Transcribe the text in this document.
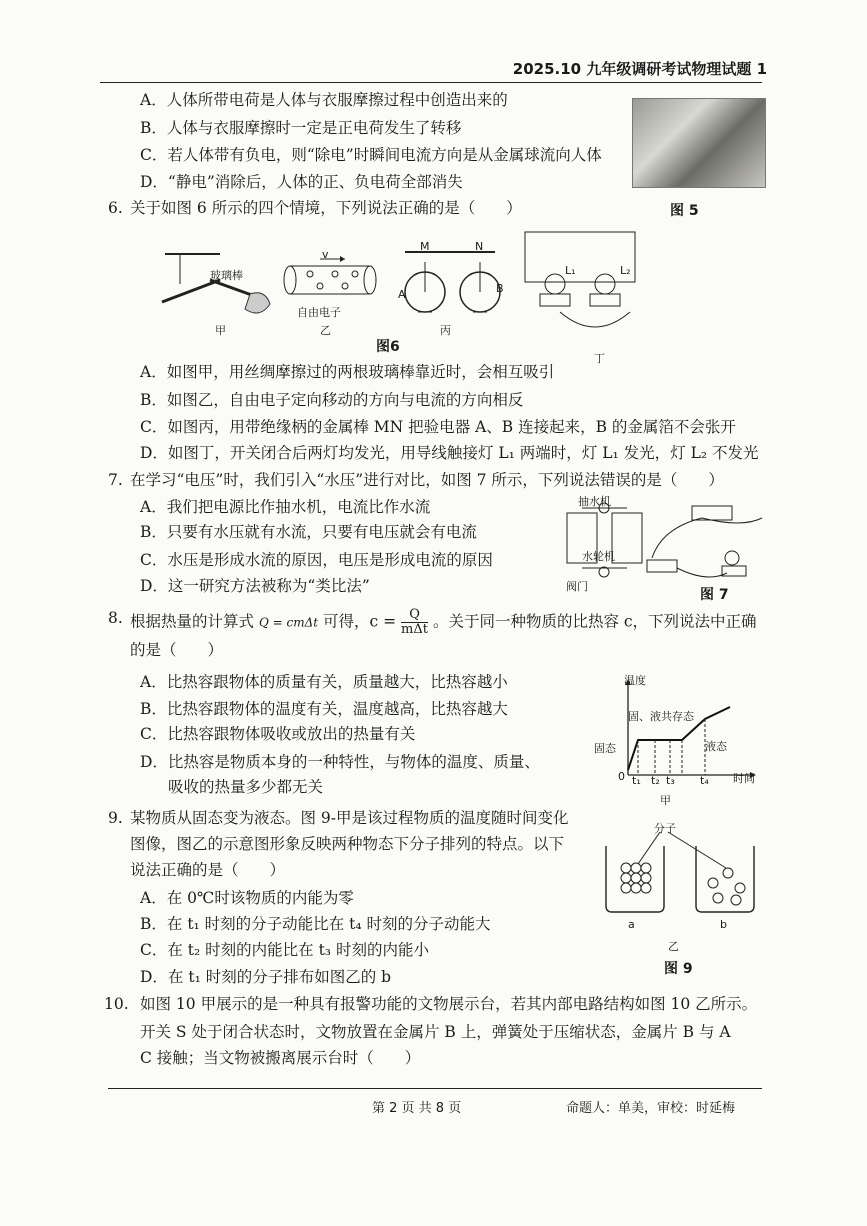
2025.10 九年级调研考试物理试题 1
A．人体所带电荷是人体与衣服摩擦过程中创造出来的
B．人体与衣服摩擦时一定是正电荷发生了转移
C．若人体带有负电，则“除电”时瞬间电流方向是从金属球流向人体
D．“静电”消除后，人体的正、负电荷全部消失
图 5
6. 关于如图 6 所示的四个情境，下列说法正确的是（　　）
玻璃棒
v
自由电子
M	N
A	B
L₁	L₂
甲	乙	丙
丁
图6
A．如图甲，用丝绸摩擦过的两根玻璃棒靠近时，会相互吸引
B．如图乙，自由电子定向移动的方向与电流的方向相反
C．如图丙，用带绝缘柄的金属棒 MN 把验电器 A、B 连接起来，B 的金属箔不会张开
D．如图丁，开关闭合后两灯均发光，用导线触接灯 L₁ 两端时，灯 L₁ 发光，灯 L₂ 不发光
7. 在学习“电压”时，我们引入“水压”进行对比，如图 7 所示，下列说法错误的是（　　）
A．我们把电源比作抽水机，电流比作水流
B．只要有水压就有水流，只要有电压就会有电流
C．水压是形成水流的原因，电压是形成电流的原因
D．这一研究方法被称为“类比法”
抽水机
水轮机
阀门
图 7
8. 根据热量的计算式 Q = cmΔt 可得，$c = \frac{Q}{\text{mΔt}}$ 。关于同一种物质的比热容 c，下列说法中正确
的是（　　）
A．比热容跟物体的质量有关，质量越大，比热容越小
B．比热容跟物体的温度有关，温度越高，比热容越大
C．比热容跟物体吸收或放出的热量有关
D．比热容是物质本身的一种特性，与物体的温度、质量、
吸收的热量多少都无关
温度
固、液共存态
固态	液态
0 t₁ t₂ t₃ t₄ 时间
甲
9. 某物质从固态变为液态。图 9-甲是该过程物质的温度随时间变化
图像，图乙的示意图形象反映两种物态下分子排列的特点。以下
说法正确的是（　　）
A．在 0℃时该物质的内能为零
B．在 t₁ 时刻的分子动能比在 t₄ 时刻的分子动能大
C．在 t₂ 时刻的内能比在 t₃ 时刻的内能小
D．在 t₁ 时刻的分子排布如图乙的 b
分子
a	b
乙
图 9
10. 如图 10 甲展示的是一种具有报警功能的文物展示台，若其内部电路结构如图 10 乙所示。
开关 S 处于闭合状态时，文物放置在金属片 B 上，弹簧处于压缩状态，金属片 B 与 A
C 接触；当文物被搬离展示台时（　　）
第 2 页 共 8 页	命题人：单美，审校：时延梅
